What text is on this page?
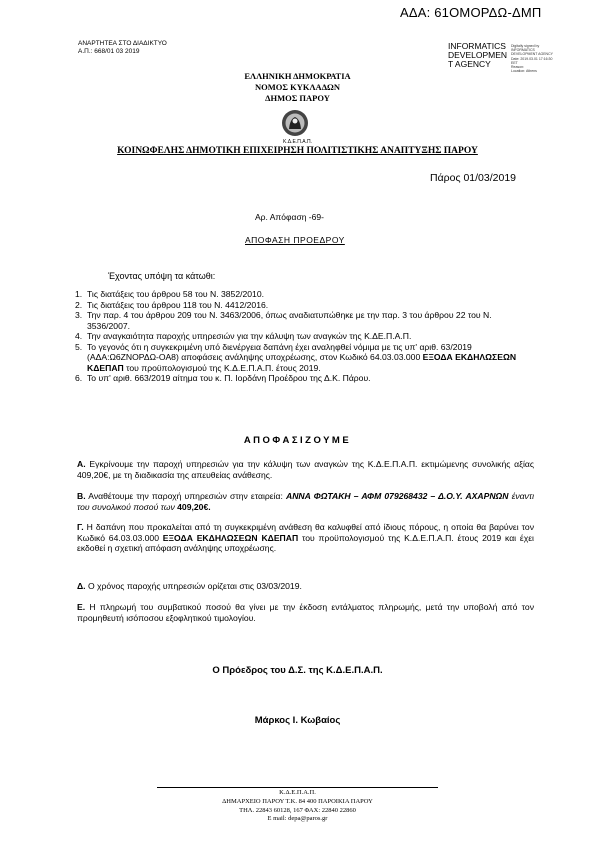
ΑΔΑ: 61ΟΜΟΡΔΩ-ΔΜΠ
ΑΝΑΡΤΗΤΕΑ ΣΤΟ ΔΙΑΔΙΚΤΥΟ
Α.Π.: 668/01 03 2019
INFORMATICS
DEVELOPMEN
T AGENCY
Digitally signed by
INFORMATICS
DEVELOPMENT AGENCY
Date: 2019.03.01 17:16:30
EET
Reason:
Location: Athens
ΕΛΛΗΝΙΚΗ ΔΗΜΟΚΡΑΤΙΑ
ΝΟΜΟΣ ΚΥΚΛΑΔΩΝ
ΔΗΜΟΣ ΠΑΡΟΥ
Κ.Δ.Ε.Π.Α.Π.
ΚΟΙΝΩΦΕΛΗΣ ΔΗΜΟΤΙΚΗ ΕΠΙΧΕΙΡΗΣΗ ΠΟΛΙΤΙΣΤΙΚΗΣ ΑΝΑΠΤΥΞΗΣ ΠΑΡΟΥ
Πάρος 01/03/2019
Αρ. Απόφαση -69-
ΑΠΟΦΑΣΗ ΠΡΟΕΔΡΟΥ
Έχοντας υπόψη τα κάτωθι:
1. Τις διατάξεις του άρθρου 58 του Ν. 3852/2010.
2. Τις διατάξεις του άρθρου 118 του Ν. 4412/2016.
3. Την παρ. 4 του άρθρου 209 του Ν. 3463/2006, όπως αναδιατυπώθηκε με την παρ. 3 του άρθρου 22 του Ν. 3536/2007.
4. Την αναγκαιότητα παροχής υπηρεσιών για την κάλυψη των αναγκών της Κ.ΔΕ.Π.Α.Π.
5. Το γεγονός ότι η συγκεκριμένη υπό διενέργεια δαπάνη έχει αναληφθεί νόμιμα με τις υπ' αριθ. 63/2019 (ΑΔΑ:Ω6ΖΝΟΡΔΩ-ΟΑ8) αποφάσεις ανάληψης υποχρέωσης, στον Κωδικό 64.03.03.000 ΕΞΟΔΑ ΕΚΔΗΛΩΣΕΩΝ ΚΔΕΠΑΠ του προϋπολογισμού της Κ.Δ.Ε.Π.Α.Π. έτους 2019.
6. Το υπ' αριθ. 663/2019 αίτημα του κ. Π. Ιορδάνη Προέδρου της Δ.Κ. Πάρου.
ΑΠΟΦΑΣΙΖΟΥΜΕ
Α. Εγκρίνουμε την παροχή υπηρεσιών για την κάλυψη των αναγκών της Κ.Δ.Ε.Π.Α.Π. εκτιμώμενης συνολικής αξίας 409,20€, με τη διαδικασία της απευθείας ανάθεσης.
Β. Αναθέτουμε την παροχή υπηρεσιών στην εταιρεία: ΑΝΝΑ ΦΩΤΑΚΗ – ΑΦΜ 079268432 – Δ.Ο.Υ. ΑΧΑΡΝΩΝ έναντι του συνολικού ποσού των 409,20€.
Γ. Η δαπάνη που προκαλείται από τη συγκεκριμένη ανάθεση θα καλυφθεί από ίδιους πόρους, η οποία θα βαρύνει τον Κωδικό 64.03.03.000 ΕΞΟΔΑ ΕΚΔΗΛΩΣΕΩΝ ΚΔΕΠΑΠ του προϋπολογισμού της Κ.Δ.Ε.Π.Α.Π. έτους 2019 και έχει εκδοθεί η σχετική απόφαση ανάληψης υποχρέωσης.
Δ. Ο χρόνος παροχής υπηρεσιών ορίζεται στις 03/03/2019.
Ε. Η πληρωμή του συμβατικού ποσού θα γίνει με την έκδοση εντάλματος πληρωμής, μετά την υποβολή από τον προμηθευτή ισόποσου εξοφλητικού τιμολογίου.
Ο Πρόεδρος του Δ.Σ. της Κ.Δ.Ε.Π.Α.Π.
Μάρκος Ι. Κωβαίος
Κ.Δ.Ε.Π.Α.Π.
ΔΗΜΑΡΧΕΙΟ ΠΑΡΟΥ Τ.Κ. 84 400 ΠΑΡΟΙΚΙΑ ΠΑΡΟΥ
ΤΗΛ. 22843 60128, 167 ΦΑΧ: 22840 22860
E mail: depa@paros.gr
